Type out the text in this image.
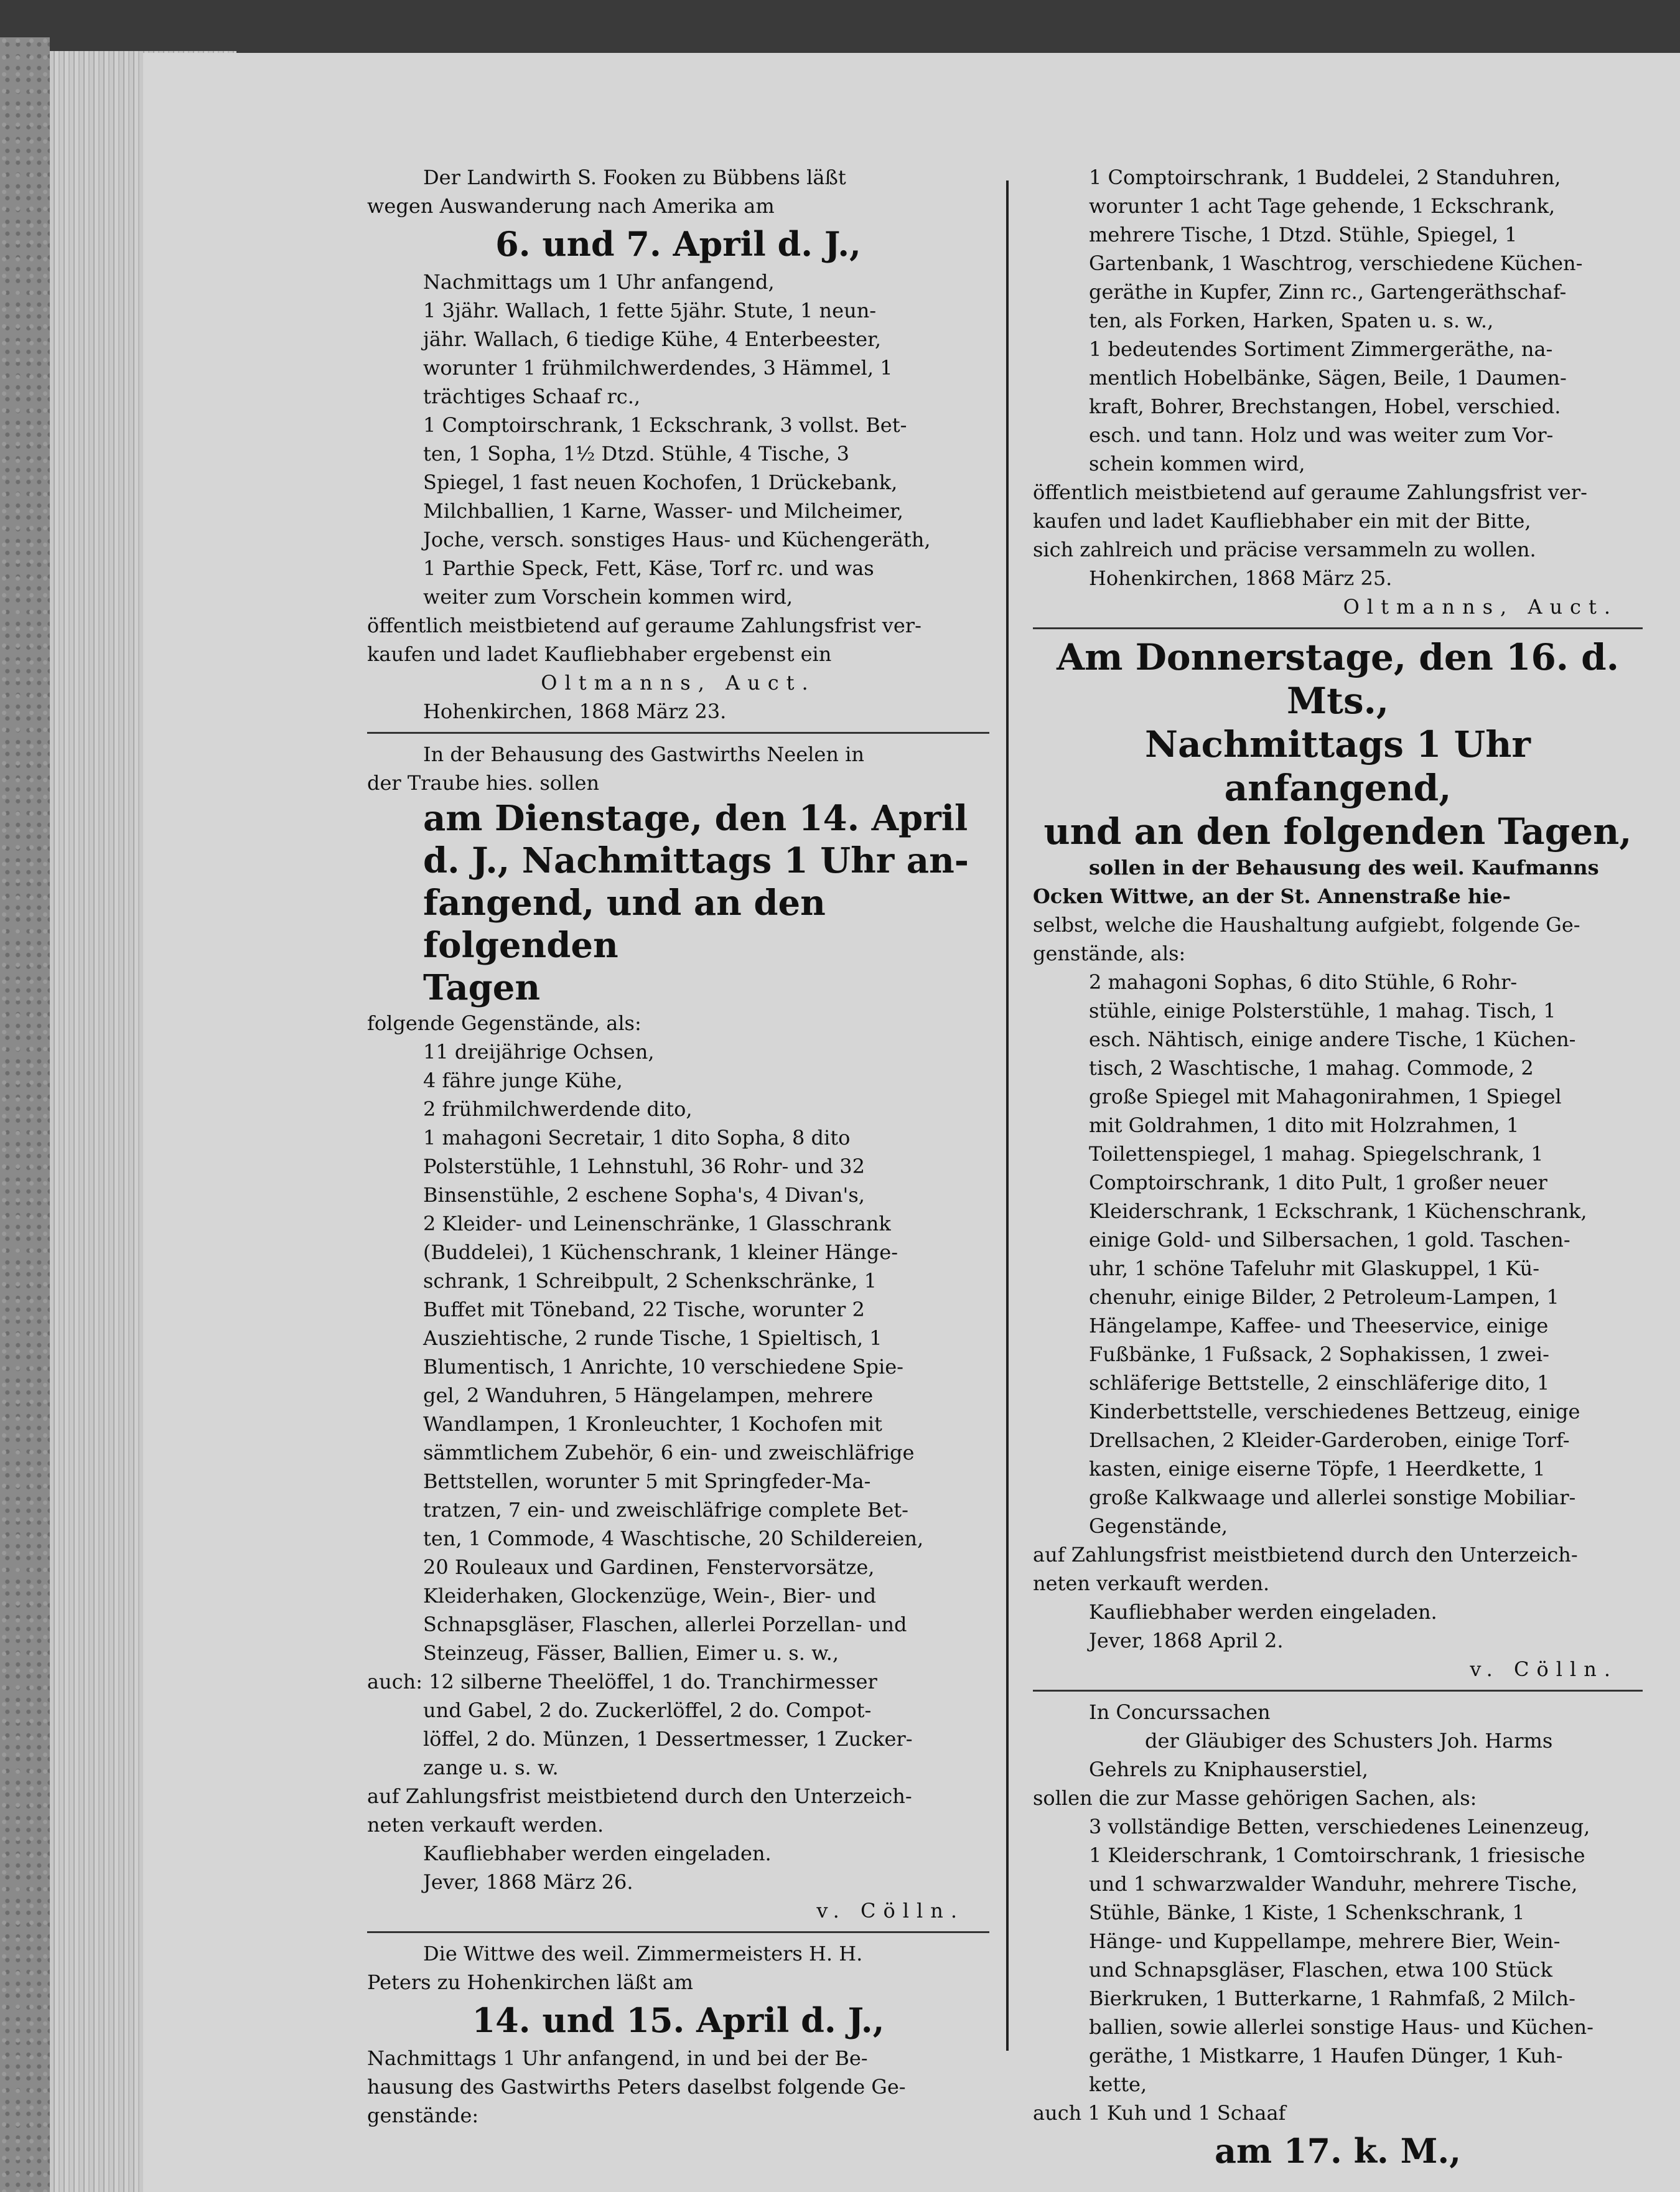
Der Landwirth S. Fooken zu Bübbens läßt
wegen Auswanderung nach Amerika am
6. und 7. April d. J.,
Nachmittags um 1 Uhr anfangend,
1 3jähr. Wallach, 1 fette 5jähr. Stute, 1 neun-
jähr. Wallach, 6 tiedige Kühe, 4 Enterbeester,
worunter 1 frühmilchwerdendes, 3 Hämmel, 1
trächtiges Schaaf rc.,
1 Comptoirschrank, 1 Eckschrank, 3 vollst. Bet-
ten, 1 Sopha, 1½ Dtzd. Stühle, 4 Tische, 3
Spiegel, 1 fast neuen Kochofen, 1 Drückebank,
Milchballien, 1 Karne, Wasser- und Milcheimer,
Joche, versch. sonstiges Haus- und Küchengeräth,
1 Parthie Speck, Fett, Käse, Torf rc. und was
weiter zum Vorschein kommen wird,
öffentlich meistbietend auf geraume Zahlungsfrist ver-
kaufen und ladet Kaufliebhaber ergebenst ein
Oltmanns, Auct.
Hohenkirchen, 1868 März 23.
In der Behausung des Gastwirths Neelen in
der Traube hies. sollen
am Dienstage, den 14. April
d. J., Nachmittags 1 Uhr an-
fangend, und an den folgenden
Tagen
folgende Gegenstände, als:
11 dreijährige Ochsen,
4 fähre junge Kühe,
2 frühmilchwerdende dito,
1 mahagoni Secretair, 1 dito Sopha, 8 dito
Polsterstühle, 1 Lehnstuhl, 36 Rohr- und 32
Binsenstühle, 2 eschene Sopha's, 4 Divan's,
2 Kleider- und Leinenschränke, 1 Glasschrank
(Buddelei), 1 Küchenschrank, 1 kleiner Hänge-
schrank, 1 Schreibpult, 2 Schenkschränke, 1
Buffet mit Töneband, 22 Tische, worunter 2
Ausziehtische, 2 runde Tische, 1 Spieltisch, 1
Blumentisch, 1 Anrichte, 10 verschiedene Spie-
gel, 2 Wanduhren, 5 Hängelampen, mehrere
Wandlampen, 1 Kronleuchter, 1 Kochofen mit
sämmtlichem Zubehör, 6 ein- und zweischläfrige
Bettstellen, worunter 5 mit Springfeder-Ma-
tratzen, 7 ein- und zweischläfrige complete Bet-
ten, 1 Commode, 4 Waschtische, 20 Schildereien,
20 Rouleaux und Gardinen, Fenstervorsätze,
Kleiderhaken, Glockenzüge, Wein-, Bier- und
Schnapsgläser, Flaschen, allerlei Porzellan- und
Steinzeug, Fässer, Ballien, Eimer u. s. w.,
auch: 12 silberne Theelöffel, 1 do. Tranchirmesser
und Gabel, 2 do. Zuckerlöffel, 2 do. Compot-
löffel, 2 do. Münzen, 1 Dessertmesser, 1 Zucker-
zange u. s. w.
auf Zahlungsfrist meistbietend durch den Unterzeich-
neten verkauft werden.
Kaufliebhaber werden eingeladen.
Jever, 1868 März 26.
v. Cölln.
Die Wittwe des weil. Zimmermeisters H. H.
Peters zu Hohenkirchen läßt am
14. und 15. April d. J.,
Nachmittags 1 Uhr anfangend, in und bei der Be-
hausung des Gastwirths Peters daselbst folgende Ge-
genstände:
1 Comptoirschrank, 1 Buddelei, 2 Standuhren,
worunter 1 acht Tage gehende, 1 Eckschrank,
mehrere Tische, 1 Dtzd. Stühle, Spiegel, 1
Gartenbank, 1 Waschtrog, verschiedene Küchen-
geräthe in Kupfer, Zinn rc., Gartengeräthschaf-
ten, als Forken, Harken, Spaten u. s. w.,
1 bedeutendes Sortiment Zimmergeräthe, na-
mentlich Hobelbänke, Sägen, Beile, 1 Daumen-
kraft, Bohrer, Brechstangen, Hobel, verschied.
esch. und tann. Holz und was weiter zum Vor-
schein kommen wird,
öffentlich meistbietend auf geraume Zahlungsfrist ver-
kaufen und ladet Kaufliebhaber ein mit der Bitte,
sich zahlreich und präcise versammeln zu wollen.
Hohenkirchen, 1868 März 25.
Oltmanns, Auct.
Am Donnerstage, den 16. d. Mts.,
Nachmittags 1 Uhr anfangend,
und an den folgenden Tagen,
sollen in der Behausung des weil. Kaufmanns
Ocken Wittwe, an der St. Annenstraße hie-
selbst, welche die Haushaltung aufgiebt, folgende Ge-
genstände, als:
2 mahagoni Sophas, 6 dito Stühle, 6 Rohr-
stühle, einige Polsterstühle, 1 mahag. Tisch, 1
esch. Nähtisch, einige andere Tische, 1 Küchen-
tisch, 2 Waschtische, 1 mahag. Commode, 2
große Spiegel mit Mahagonirahmen, 1 Spiegel
mit Goldrahmen, 1 dito mit Holzrahmen, 1
Toilettenspiegel, 1 mahag. Spiegelschrank, 1
Comptoirschrank, 1 dito Pult, 1 großer neuer
Kleiderschrank, 1 Eckschrank, 1 Küchenschrank,
einige Gold- und Silbersachen, 1 gold. Taschen-
uhr, 1 schöne Tafeluhr mit Glaskuppel, 1 Kü-
chenuhr, einige Bilder, 2 Petroleum-Lampen, 1
Hängelampe, Kaffee- und Theeservice, einige
Fußbänke, 1 Fußsack, 2 Sophakissen, 1 zwei-
schläferige Bettstelle, 2 einschläferige dito, 1
Kinderbettstelle, verschiedenes Bettzeug, einige
Drellsachen, 2 Kleider-Garderoben, einige Torf-
kasten, einige eiserne Töpfe, 1 Heerdkette, 1
große Kalkwaage und allerlei sonstige Mobiliar-
Gegenstände,
auf Zahlungsfrist meistbietend durch den Unterzeich-
neten verkauft werden.
Kaufliebhaber werden eingeladen.
Jever, 1868 April 2.
v. Cölln.
In Concurssachen
der Gläubiger des Schusters Joh. Harms
Gehrels zu Kniphauserstiel,
sollen die zur Masse gehörigen Sachen, als:
3 vollständige Betten, verschiedenes Leinenzeug,
1 Kleiderschrank, 1 Comtoirschrank, 1 friesische
und 1 schwarzwalder Wanduhr, mehrere Tische,
Stühle, Bänke, 1 Kiste, 1 Schenkschrank, 1
Hänge- und Kuppellampe, mehrere Bier, Wein-
und Schnapsgläser, Flaschen, etwa 100 Stück
Bierkruken, 1 Butterkarne, 1 Rahmfaß, 2 Milch-
ballien, sowie allerlei sonstige Haus- und Küchen-
geräthe, 1 Mistkarre, 1 Haufen Dünger, 1 Kuh-
kette,
auch 1 Kuh und 1 Schaaf
am 17. k. M.,
